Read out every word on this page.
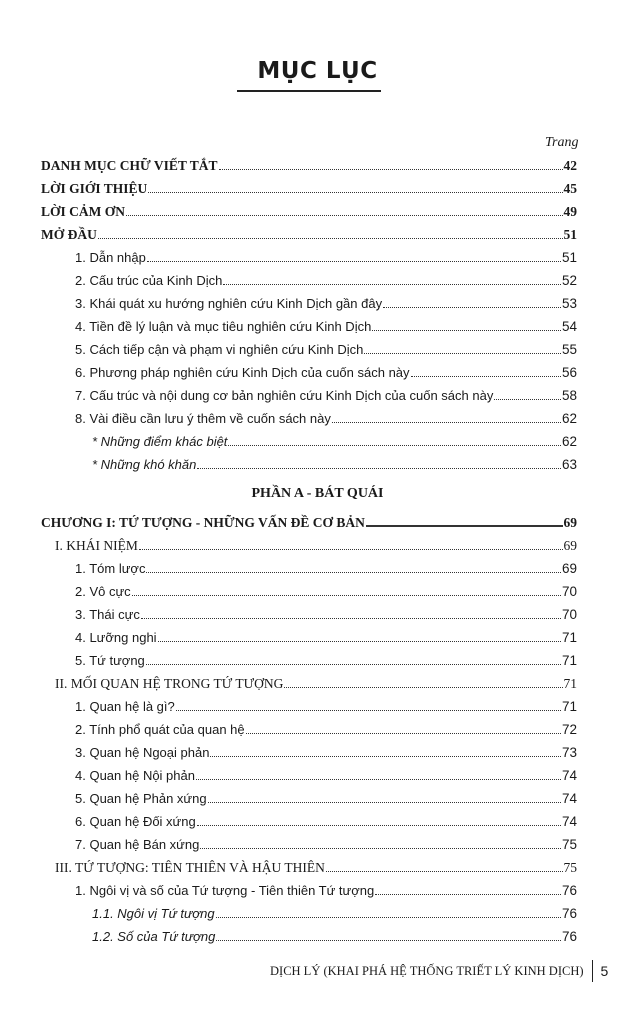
MỤC LỤC
Trang
DANH MỤC CHỮ VIẾT TẮT	42
LỜI GIỚI THIỆU	45
LỜI CẢM ƠN	49
MỞ ĐẦU	51
1. Dẫn nhập	51
2. Cấu trúc của Kinh Dịch	52
3. Khái quát xu hướng nghiên cứu Kinh Dịch gần đây	53
4. Tiền đề lý luận và mục tiêu nghiên cứu Kinh Dịch	54
5. Cách tiếp cận và phạm vi nghiên cứu Kinh Dịch	55
6. Phương pháp nghiên cứu Kinh Dịch của cuốn sách này	56
7. Cấu trúc và nội dung cơ bản nghiên cứu Kinh Dịch của cuốn sách này	58
8. Vài điều cần lưu ý thêm về cuốn sách này	62
* Những điểm khác biệt	62
* Những khó khăn	63
PHẦN A - BÁT QUÁI
CHƯƠNG I: TỨ TƯỢNG - NHỮNG VẤN ĐỀ CƠ BẢN	69
I. KHÁI NIỆM	69
1. Tóm lược	69
2. Vô cực	70
3. Thái cực	70
4. Lưỡng nghi	71
5. Tứ tượng	71
II. MỐI QUAN HỆ TRONG TỨ TƯỢNG	71
1. Quan hệ là gì?	71
2. Tính phổ quát của quan hệ	72
3. Quan hệ Ngoại phản	73
4. Quan hệ Nội phản	74
5. Quan hệ Phản xứng	74
6. Quan hệ Đối xứng	74
7. Quan hệ Bán xứng	75
III. TỨ TƯỢNG: TIÊN THIÊN VÀ HẬU THIÊN	75
1. Ngôi vị và số của Tứ tượng - Tiên thiên Tứ tượng	76
1.1. Ngôi vị Tứ tượng	76
1.2. Số của Tứ tượng	76
DỊCH LÝ (KHAI PHÁ HỆ THỐNG TRIẾT LÝ KINH DỊCH) 5
